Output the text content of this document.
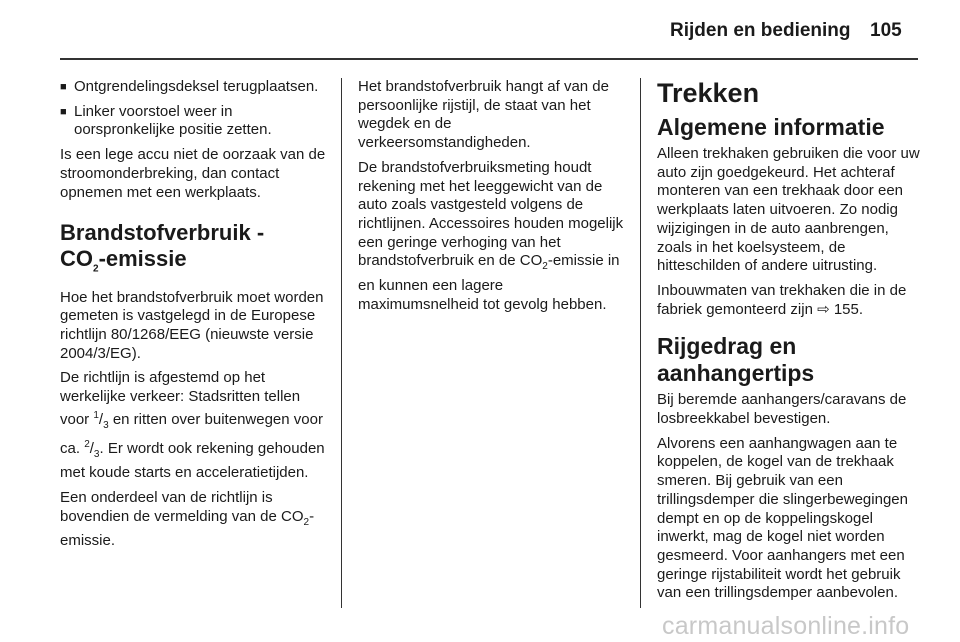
Rijden en bediening 105
■ Ontgrendelingsdeksel terugplaatsen.
■ Linker voorstoel weer in oorspronkelijke positie zetten.

Is een lege accu niet de oorzaak van de stroomonderbreking, dan contact opnemen met een werkplaats.

Brandstofverbruik -
$CO_2$-emissie

Hoe het brandstofverbruik moet worden gemeten is vastgelegd in de Europese richtlijn 80/1268/EEG (nieuwste versie 2004/3/EG).

De richtlijn is afgestemd op het werkelijke verkeer: Stadsritten tellen voor $^1/_3$ en ritten over buitenwegen voor ca. $^2/_3$. Er wordt ook rekening gehouden met koude starts en acceleratietijden.

Een onderdeel van de richtlijn is bovendien de vermelding van de $CO_2$-emissie.

Het brandstofverbruik hangt af van de persoonlijke rijstijl, de staat van het wegdek en de verkeersomstandigheden.

De brandstofverbruiksmeting houdt rekening met het leeggewicht van de auto zoals vastgesteld volgens de richtlijnen. Accessoires houden mogelijk een geringe verhoging van het brandstofverbruik en de $CO_2$-emissie in en kunnen een lagere maximumsnelheid tot gevolg hebben.

Trekken
Algemene informatie

Alleen trekhaken gebruiken die voor uw auto zijn goedgekeurd. Het achteraf monteren van een trekhaak door een werkplaats laten uitvoeren. Zo nodig wijzigingen in de auto aanbrengen, zoals in het koelsysteem, de hitteschilden of andere uitrusting.

Inbouwmaten van trekhaken die in de fabriek gemonteerd zijn ⇨ 155.

Rijgedrag en aanhangertips

Bij beremde aanhangers/caravans de losbreekkabel bevestigen.

Alvorens een aanhangwagen aan te koppelen, de kogel van de trekhaak smeren. Bij gebruik van een trillingsdemper die slingerbewegingen dempt en op de koppelingskogel inwerkt, mag de kogel niet worden gesmeerd. Voor aanhangers met een geringe rijstabiliteit wordt het gebruik van een trillingsdemper aanbevolen.

carmanualsonline.info
